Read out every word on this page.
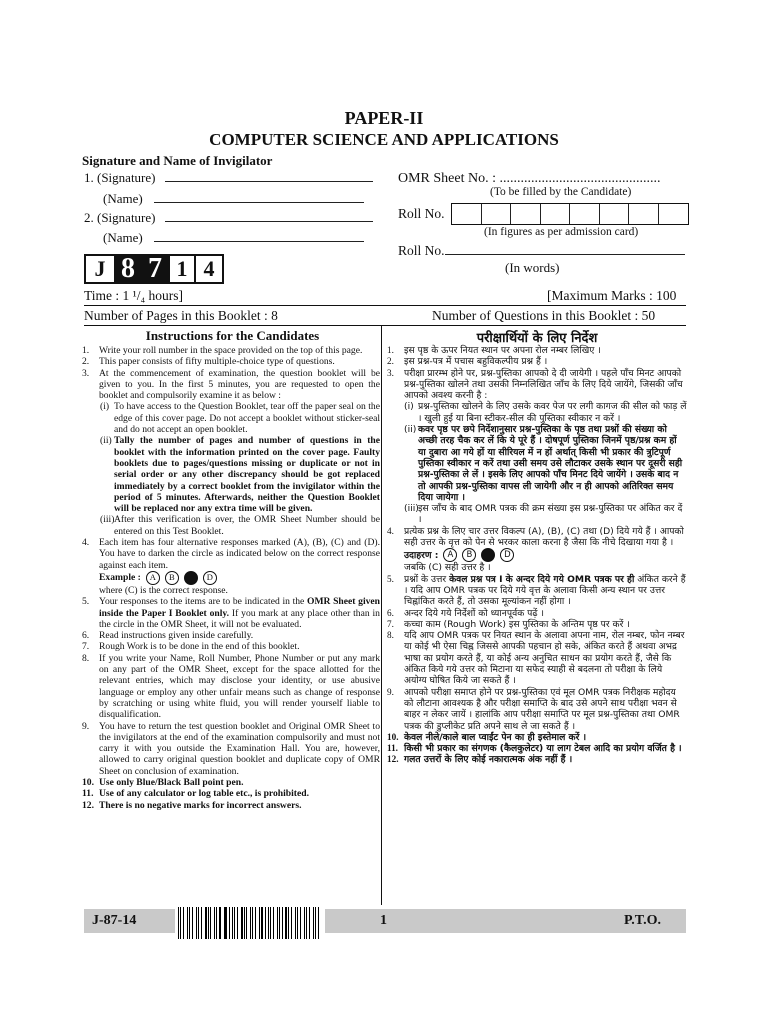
PAPER-II
COMPUTER SCIENCE AND APPLICATIONS
Signature and Name of Invigilator
1. (Signature)
(Name)
2. (Signature)
(Name)
OMR Sheet No. : ..............................................
(To be filled by the Candidate)
Roll No.
(In figures as per admission card)
Roll No.
(In words)
J 8 7 1 4
Time : 1 ¹/₄ hours]	[Maximum Marks : 100
Number of Pages in this Booklet : 8	Number of Questions in this Booklet : 50
Instructions for the Candidates	परीक्षार्थियों के लिए निर्देश
1.	Write your roll number in the space provided on the top of this page.
2.	This paper consists of fifty multiple-choice type of questions.
3.	At the commencement of examination, the question booklet will be given to you. In the first 5 minutes, you are requested to open the booklet and compulsorily examine it as below :
(i) To have access to the Question Booklet, tear off the paper seal on the edge of this cover page. Do not accept a booklet without sticker-seal and do not accept an open booklet.
(ii) Tally the number of pages and number of questions in the booklet with the information printed on the cover page. Faulty booklets due to pages/questions missing or duplicate or not in serial order or any other discrepancy should be got replaced immediately by a correct booklet from the invigilator within the period of 5 minutes. Afterwards, neither the Question Booklet will be replaced nor any extra time will be given.
(iii) After this verification is over, the OMR Sheet Number should be entered on this Test Booklet.
4.	Each item has four alternative responses marked (A), (B), (C) and (D). You have to darken the circle as indicated below on the correct response against each item.
Example :	A	B	D
where (C) is the correct response.
5.	Your responses to the items are to be indicated in the OMR Sheet given inside the Paper I Booklet only. If you mark at any place other than in the circle in the OMR Sheet, it will not be evaluated.
6.	Read instructions given inside carefully.
7.	Rough Work is to be done in the end of this booklet.
8.	If you write your Name, Roll Number, Phone Number or put any mark on any part of the OMR Sheet, except for the space allotted for the relevant entries, which may disclose your identity, or use abusive language or employ any other unfair means such as change of response by scratching or using white fluid, you will render yourself liable to disqualification.
9.	You have to return the test question booklet and Original OMR Sheet to the invigilators at the end of the examination compulsorily and must not carry it with you outside the Examination Hall. You are, however, allowed to carry original question booklet and duplicate copy of OMR Sheet on conclusion of examination.
10. Use only Blue/Black Ball point pen.
11. Use of any calculator or log table etc., is prohibited.
12. There is no negative marks for incorrect answers.
1.	इस पृष्ठ के ऊपर नियत स्थान पर अपना रोल नम्बर लिखिए ।
2.	इस प्रश्न-पत्र में पचास बहुविकल्पीय प्रश्न हैं ।
3.	परीक्षा प्रारम्भ होने पर, प्रश्न-पुस्तिका आपको दे दी जायेगी । पहले पाँच मिनट आपको प्रश्न-पुस्तिका खोलने तथा उसकी निम्नलिखित जाँच के लिए दिये जायेंगे, जिसकी जाँच आपको अवश्य करनी है :
(i) प्रश्न-पुस्तिका खोलने के लिए उसके कवर पेज पर लगी कागज की सील को फाड़ लें । खुली हुई या बिना स्टीकर-सील की पुस्तिका स्वीकार न करें ।
(ii) कवर पृष्ठ पर छपे निर्देशानुसार प्रश्न-पुस्तिका के पृष्ठ तथा प्रश्नों की संख्या को अच्छी तरह चैक कर लें कि ये पूरे हैं । दोषपूर्ण पुस्तिका जिनमें पृष्ठ/प्रश्न कम हों या दुबारा आ गये हों या सीरियल में न हों अर्थात् किसी भी प्रकार की त्रुटिपूर्ण पुस्तिका स्वीकार न करें तथा उसी समय उसे लौटाकर उसके स्थान पर दूसरी सही प्रश्न-पुस्तिका ले लें । इसके लिए आपको पाँच मिनट दिये जायेंगे । उसके बाद न तो आपकी प्रश्न-पुस्तिका वापस ली जायेगी और न ही आपको अतिरिक्त समय दिया जायेगा ।
(iii) इस जाँच के बाद OMR पत्रक की क्रम संख्या इस प्रश्न-पुस्तिका पर अंकित कर दें ।
4.	प्रत्येक प्रश्न के लिए चार उत्तर विकल्प (A), (B), (C) तथा (D) दिये गये हैं । आपको सही उत्तर के वृत्त को पेन से भरकर काला करना है जैसा कि नीचे दिखाया गया है ।
उदाहरण :	A	B	D
जबकि (C) सही उत्तर है ।
5.	प्रश्नों के उत्तर केवल प्रश्न पत्र I के अन्दर दिये गये OMR पत्रक पर ही अंकित करने हैं । यदि आप OMR पत्रक पर दिये गये वृत्त के अलावा किसी अन्य स्थान पर उत्तर चिह्नांकित करते हैं, तो उसका मूल्यांकन नहीं होगा ।
6.	अन्दर दिये गये निर्देशों को ध्यानपूर्वक पढ़ें ।
7.	कच्चा काम (Rough Work) इस पुस्तिका के अन्तिम पृष्ठ पर करें ।
8.	यदि आप OMR पत्रक पर नियत स्थान के अलावा अपना नाम, रोल नम्बर, फोन नम्बर या कोई भी ऐसा चिह्न जिससे आपकी पहचान हो सके, अंकित करते हैं अथवा अभद्र भाषा का प्रयोग करते हैं, या कोई अन्य अनुचित साधन का प्रयोग करते हैं, जैसे कि अंकित किये गये उत्तर को मिटाना या सफेद स्याही से बदलना तो परीक्षा के लिये अयोग्य घोषित किये जा सकते हैं ।
9.	आपको परीक्षा समाप्त होने पर प्रश्न-पुस्तिका एवं मूल OMR पत्रक निरीक्षक महोदय को लौटाना आवश्यक है और परीक्षा समाप्ति के बाद उसे अपने साथ परीक्षा भवन से बाहर न लेकर जायें । हालांकि आप परीक्षा समाप्ति पर मूल प्रश्न-पुस्तिका तथा OMR पत्रक की डुप्लीकेट प्रति अपने साथ ले जा सकते हैं ।
10. केवल नीले/काले बाल प्वाईंट पेन का ही इस्तेमाल करें ।
11. किसी भी प्रकार का संगणक (कैलकुलेटर) या लाग टेबल आदि का प्रयोग वर्जित है ।
12. गलत उत्तरों के लिए कोई नकारात्मक अंक नहीं हैं ।
J-87-14	1	P.T.O.
